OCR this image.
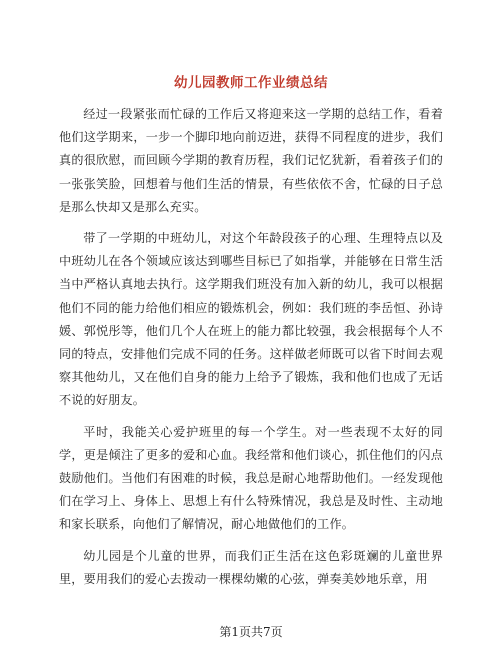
幼儿园教师工作业绩总结

经过一段紧张而忙碌的工作后又将迎来这一学期的总结工作，看着他们这学期来，一步一个脚印地向前迈进，获得不同程度的进步，我们真的很欣慰，而回顾今学期的教育历程，我们记忆犹新，看着孩子们的一张张笑脸，回想着与他们生活的情景，有些依依不舍，忙碌的日子总是那么快却又是那么充实。

带了一学期的中班幼儿，对这个年龄段孩子的心理、生理特点以及中班幼儿在各个领域应该达到哪些目标已了如指掌，并能够在日常生活当中严格认真地去执行。这学期我们班没有加入新的幼儿，我可以根据他们不同的能力给他们相应的锻炼机会，例如：我们班的李岳恒、孙诗媛、郭悦彤等，他们几个人在班上的能力都比较强，我会根据每个人不同的特点，安排他们完成不同的任务。这样做老师既可以省下时间去观察其他幼儿，又在他们自身的能力上给予了锻炼，我和他们也成了无话不说的好朋友。

平时，我能关心爱护班里的每一个学生。对一些表现不太好的同学，更是倾注了更多的爱和心血。我经常和他们谈心，抓住他们的闪点鼓励他们。当他们有困难的时候，我总是耐心地帮助他们。一经发现他们在学习上、身体上、思想上有什么特殊情况，我总是及时性、主动地和家长联系，向他们了解情况，耐心地做他们的工作。

幼儿园是个儿童的世界，而我们正生活在这色彩斑斓的儿童世界里，要用我们的爱心去拨动一棵棵幼嫩的心弦，弹奏美妙地乐章，用

第1页共7页
